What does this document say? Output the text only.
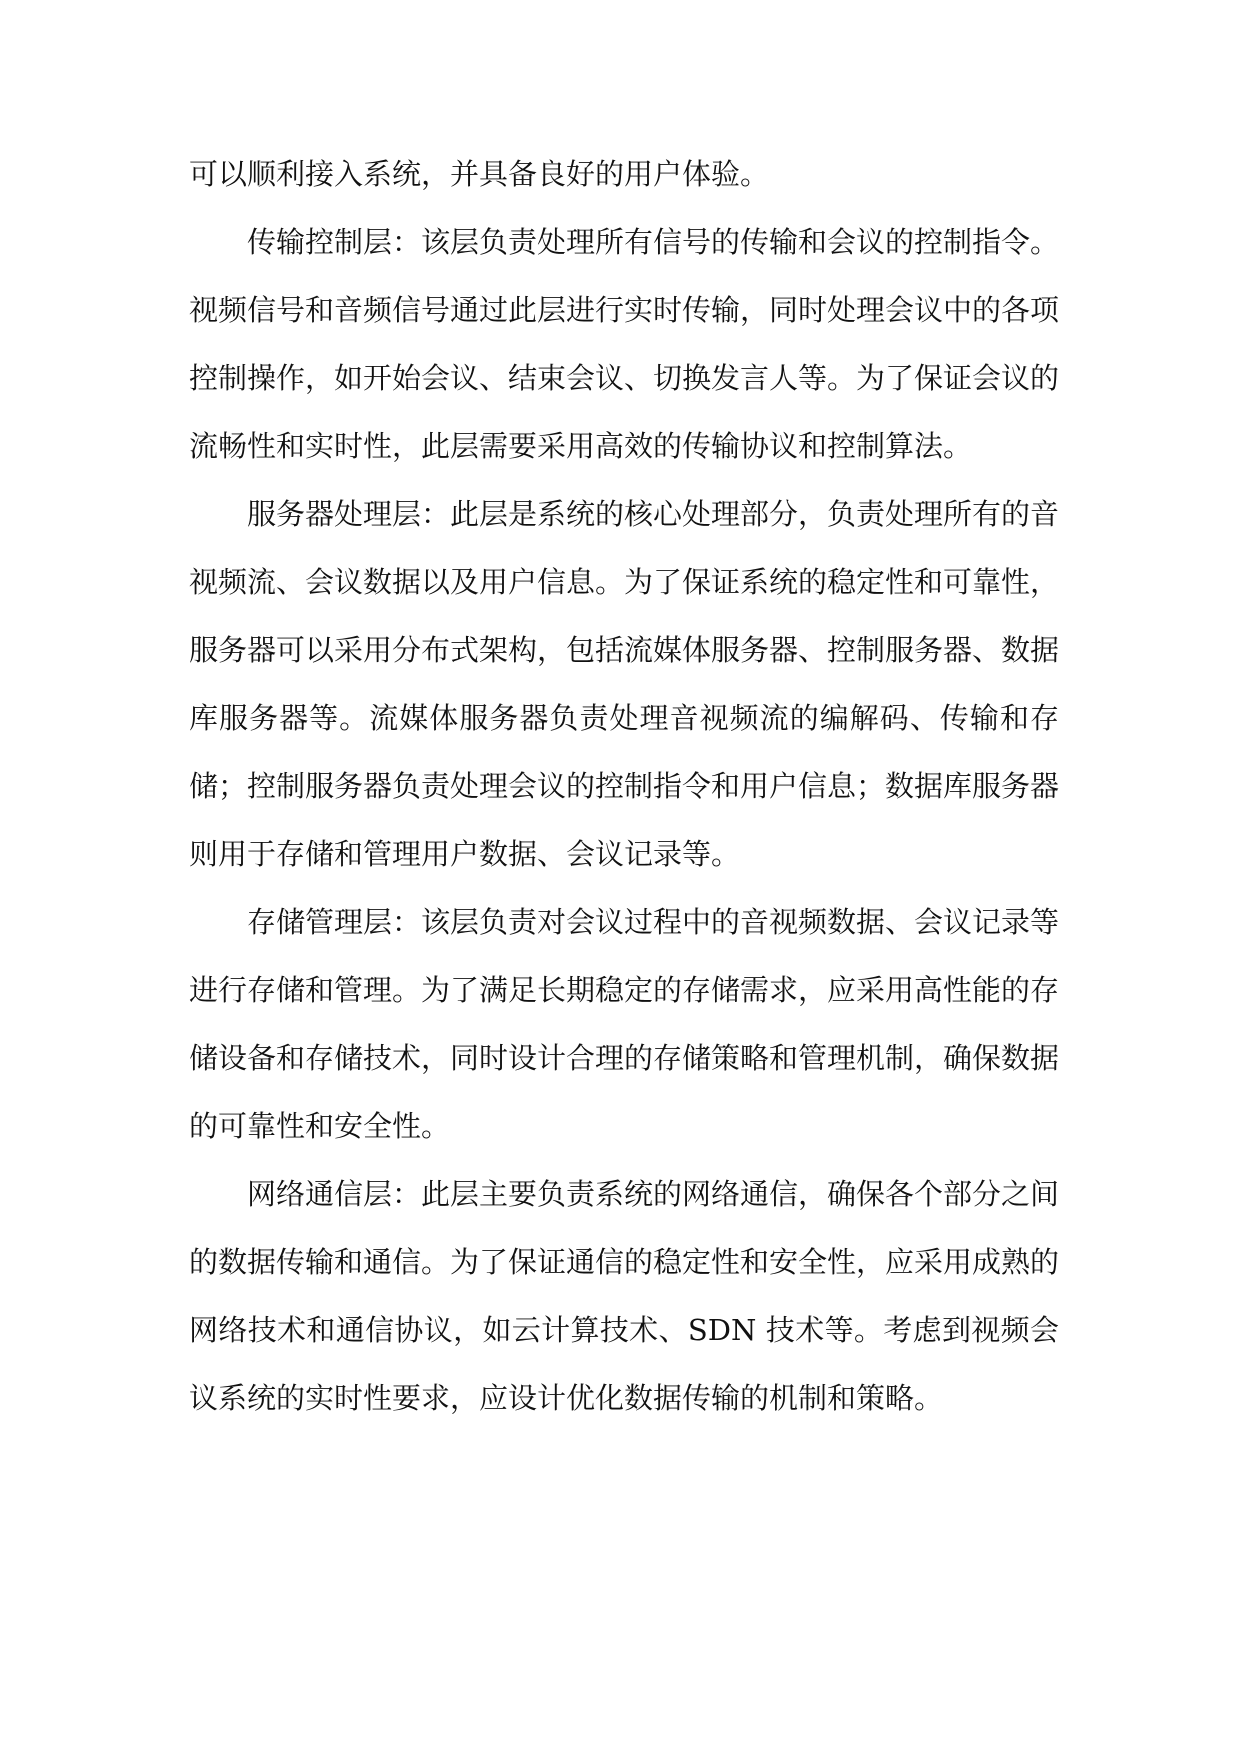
可以顺利接入系统，并具备良好的用户体验。

传输控制层：该层负责处理所有信号的传输和会议的控制指令。视频信号和音频信号通过此层进行实时传输，同时处理会议中的各项控制操作，如开始会议、结束会议、切换发言人等。为了保证会议的流畅性和实时性，此层需要采用高效的传输协议和控制算法。

服务器处理层：此层是系统的核心处理部分，负责处理所有的音视频流、会议数据以及用户信息。为了保证系统的稳定性和可靠性，服务器可以采用分布式架构，包括流媒体服务器、控制服务器、数据库服务器等。流媒体服务器负责处理音视频流的编解码、传输和存储；控制服务器负责处理会议的控制指令和用户信息；数据库服务器则用于存储和管理用户数据、会议记录等。

存储管理层：该层负责对会议过程中的音视频数据、会议记录等进行存储和管理。为了满足长期稳定的存储需求，应采用高性能的存储设备和存储技术，同时设计合理的存储策略和管理机制，确保数据的可靠性和安全性。

网络通信层：此层主要负责系统的网络通信，确保各个部分之间的数据传输和通信。为了保证通信的稳定性和安全性，应采用成熟的网络技术和通信协议，如云计算技术、SDN 技术等。考虑到视频会议系统的实时性要求，应设计优化数据传输的机制和策略。
